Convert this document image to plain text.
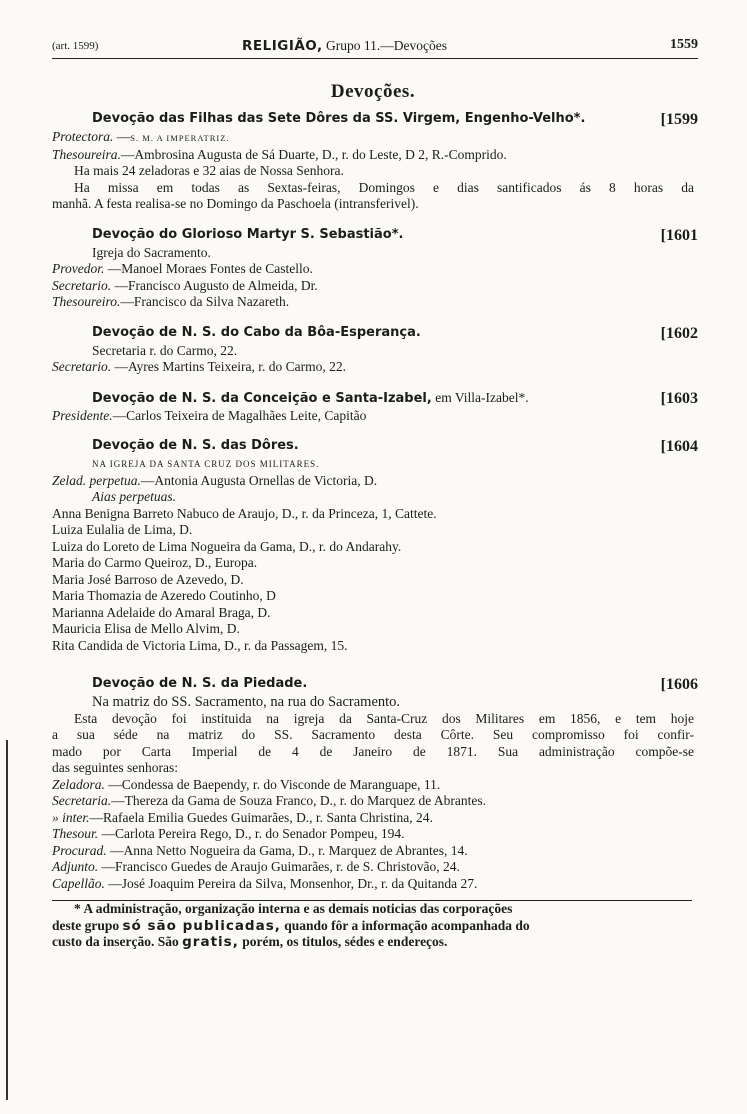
(art. 1599)	RELIGIÃO, Grupo 11.—Devoções	1559
Devoções.
Devoção das Filhas das Sete Dôres da SS. Virgem, Engenho-Velho*.	[1599
Protectora. —S. M. A IMPERATRIZ.
Thesoureira.—Ambrosina Augusta de Sá Duarte, D., r. do Leste, D 2, R.-Comprido.
Ha mais 24 zeladoras e 32 aias de Nossa Senhora.
Ha missa em todas as Sextas-feiras, Domingos e dias santificados ás 8 horas da
manhã. A festa realisa-se no Domingo da Paschoela (intransferivel).
Devoção do Glorioso Martyr S. Sebastião*.	[1601
Igreja do Sacramento.
Provedor. —Manoel Moraes Fontes de Castello.
Secretario. —Francisco Augusto de Almeida, Dr.
Thesoureiro.—Francisco da Silva Nazareth.
Devoção de N. S. do Cabo da Bôa-Esperança.	[1602
Secretaria r. do Carmo, 22.
Secretario. —Ayres Martins Teixeira, r. do Carmo, 22.
Devoção de N. S. da Conceição e Santa-Izabel, em Villa-Izabel*.	[1603
Presidente.—Carlos Teixeira de Magalhães Leite, Capitão
Devoção de N. S. das Dôres.	[1604
NA IGREJA DA SANTA CRUZ DOS MILITARES.
Zelad. perpetua.—Antonia Augusta Ornellas de Victoria, D.
Aias perpetuas.
Anna Benigna Barreto Nabuco de Araujo, D., r. da Princeza, 1, Cattete.
Luiza Eulalia de Lima, D.
Luiza do Loreto de Lima Nogueira da Gama, D., r. do Andarahy.
Maria do Carmo Queiroz, D., Europa.
Maria José Barroso de Azevedo, D.
Maria Thomazia de Azeredo Coutinho, D
Marianna Adelaide do Amaral Braga, D.
Mauricia Elisa de Mello Alvim, D.
Rita Candida de Victoria Lima, D., r. da Passagem, 15.
Devoção de N. S. da Piedade.	[1606
Na matriz do SS. Sacramento, na rua do Sacramento.
Esta devoção foi instituida na igreja da Santa-Cruz dos Militares em 1856, e tem hoje
a sua séde na matriz do SS. Sacramento desta Côrte. Seu compromisso foi confir-
mado por Carta Imperial de 4 de Janeiro de 1871. Sua administração compõe-se
das seguintes senhoras:
Zeladora. —Condessa de Baependy, r. do Visconde de Maranguape, 11.
Secretaria.—Thereza da Gama de Souza Franco, D., r. do Marquez de Abrantes.
» inter.—Rafaela Emilia Guedes Guimarães, D., r. Santa Christina, 24.
Thesour. —Carlota Pereira Rego, D., r. do Senador Pompeu, 194.
Procurad. —Anna Netto Nogueira da Gama, D., r. Marquez de Abrantes, 14.
Adjunto. —Francisco Guedes de Araujo Guimarães, r. de S. Christovão, 24.
Capellão. —José Joaquim Pereira da Silva, Monsenhor, Dr., r. da Quitanda 27.
* A administração, organização interna e as demais noticias das corporações
deste grupo só são publicadas, quando fôr a informação acompanhada do
custo da inserção. São gratis, porém, os titulos, sédes e endereços.
